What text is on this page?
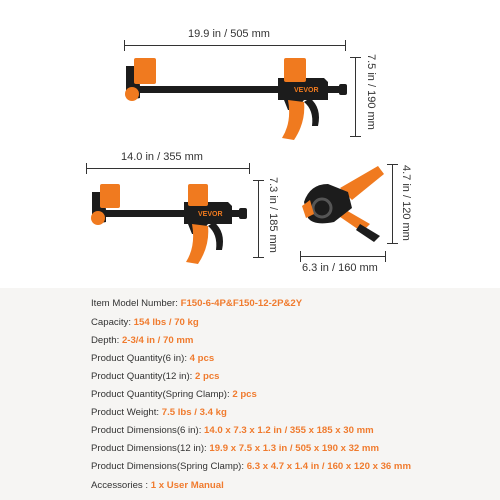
19.9 in / 505 mm
7.5 in / 190 mm
VEVOR
14.0 in / 355 mm
7.3 in / 185 mm
VEVOR
6.3 in / 160 mm
4.7 in / 120 mm
Item Model Number: F150-6-4P&F150-12-2P&2Y
Capacity: 154 lbs / 70 kg
Depth: 2-3/4 in / 70 mm
Product Quantity(6 in): 4 pcs
Product Quantity(12 in): 2 pcs
Product Quantity(Spring Clamp): 2 pcs
Product Weight: 7.5 lbs / 3.4 kg
Product Dimensions(6 in): 14.0 x 7.3 x 1.2 in / 355 x 185 x 30 mm
Product Dimensions(12 in): 19.9 x 7.5 x 1.3 in / 505 x 190 x 32 mm
Product Dimensions(Spring Clamp): 6.3 x 4.7 x 1.4 in / 160 x 120 x 36 mm
Accessories : 1 x User Manual
